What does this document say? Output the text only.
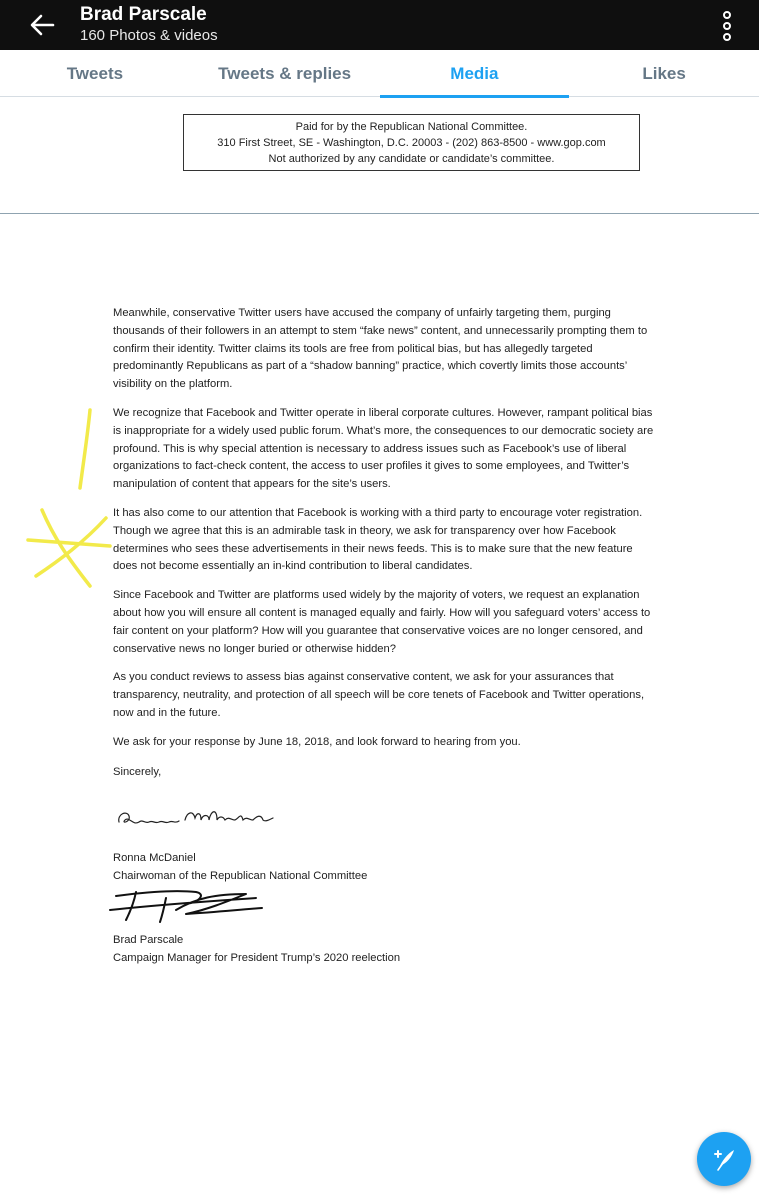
Brad Parscale
160 Photos & videos
Tweets	Tweets & replies	Media	Likes
Paid for by the Republican National Committee.
310 First Street, SE - Washington, D.C. 20003 - (202) 863-8500 - www.gop.com
Not authorized by any candidate or candidate’s committee.

Meanwhile, conservative Twitter users have accused the company of unfairly targeting them, purging thousands of their followers in an attempt to stem “fake news” content, and unnecessarily prompting them to confirm their identity. Twitter claims its tools are free from political bias, but has allegedly targeted predominantly Republicans as part of a “shadow banning” practice, which covertly limits those accounts’ visibility on the platform.

We recognize that Facebook and Twitter operate in liberal corporate cultures. However, rampant political bias is inappropriate for a widely used public forum. What’s more, the consequences to our democratic society are profound. This is why special attention is necessary to address issues such as Facebook’s use of liberal organizations to fact-check content, the access to user profiles it gives to some employees, and Twitter’s manipulation of content that appears for the site’s users.

It has also come to our attention that Facebook is working with a third party to encourage voter registration. Though we agree that this is an admirable task in theory, we ask for transparency over how Facebook determines who sees these advertisements in their news feeds. This is to make sure that the new feature does not become essentially an in-kind contribution to liberal candidates.

Since Facebook and Twitter are platforms used widely by the majority of voters, we request an explanation about how you will ensure all content is managed equally and fairly. How will you safeguard voters’ access to fair content on your platform? How will you guarantee that conservative voices are no longer censored, and conservative news no longer buried or otherwise hidden?

As you conduct reviews to assess bias against conservative content, we ask for your assurances that transparency, neutrality, and protection of all speech will be core tenets of Facebook and Twitter operations, now and in the future.

We ask for your response by June 18, 2018, and look forward to hearing from you.

Sincerely,

Ronna McDaniel
Chairwoman of the Republican National Committee
Brad Parscale
Campaign Manager for President Trump’s 2020 reelection
